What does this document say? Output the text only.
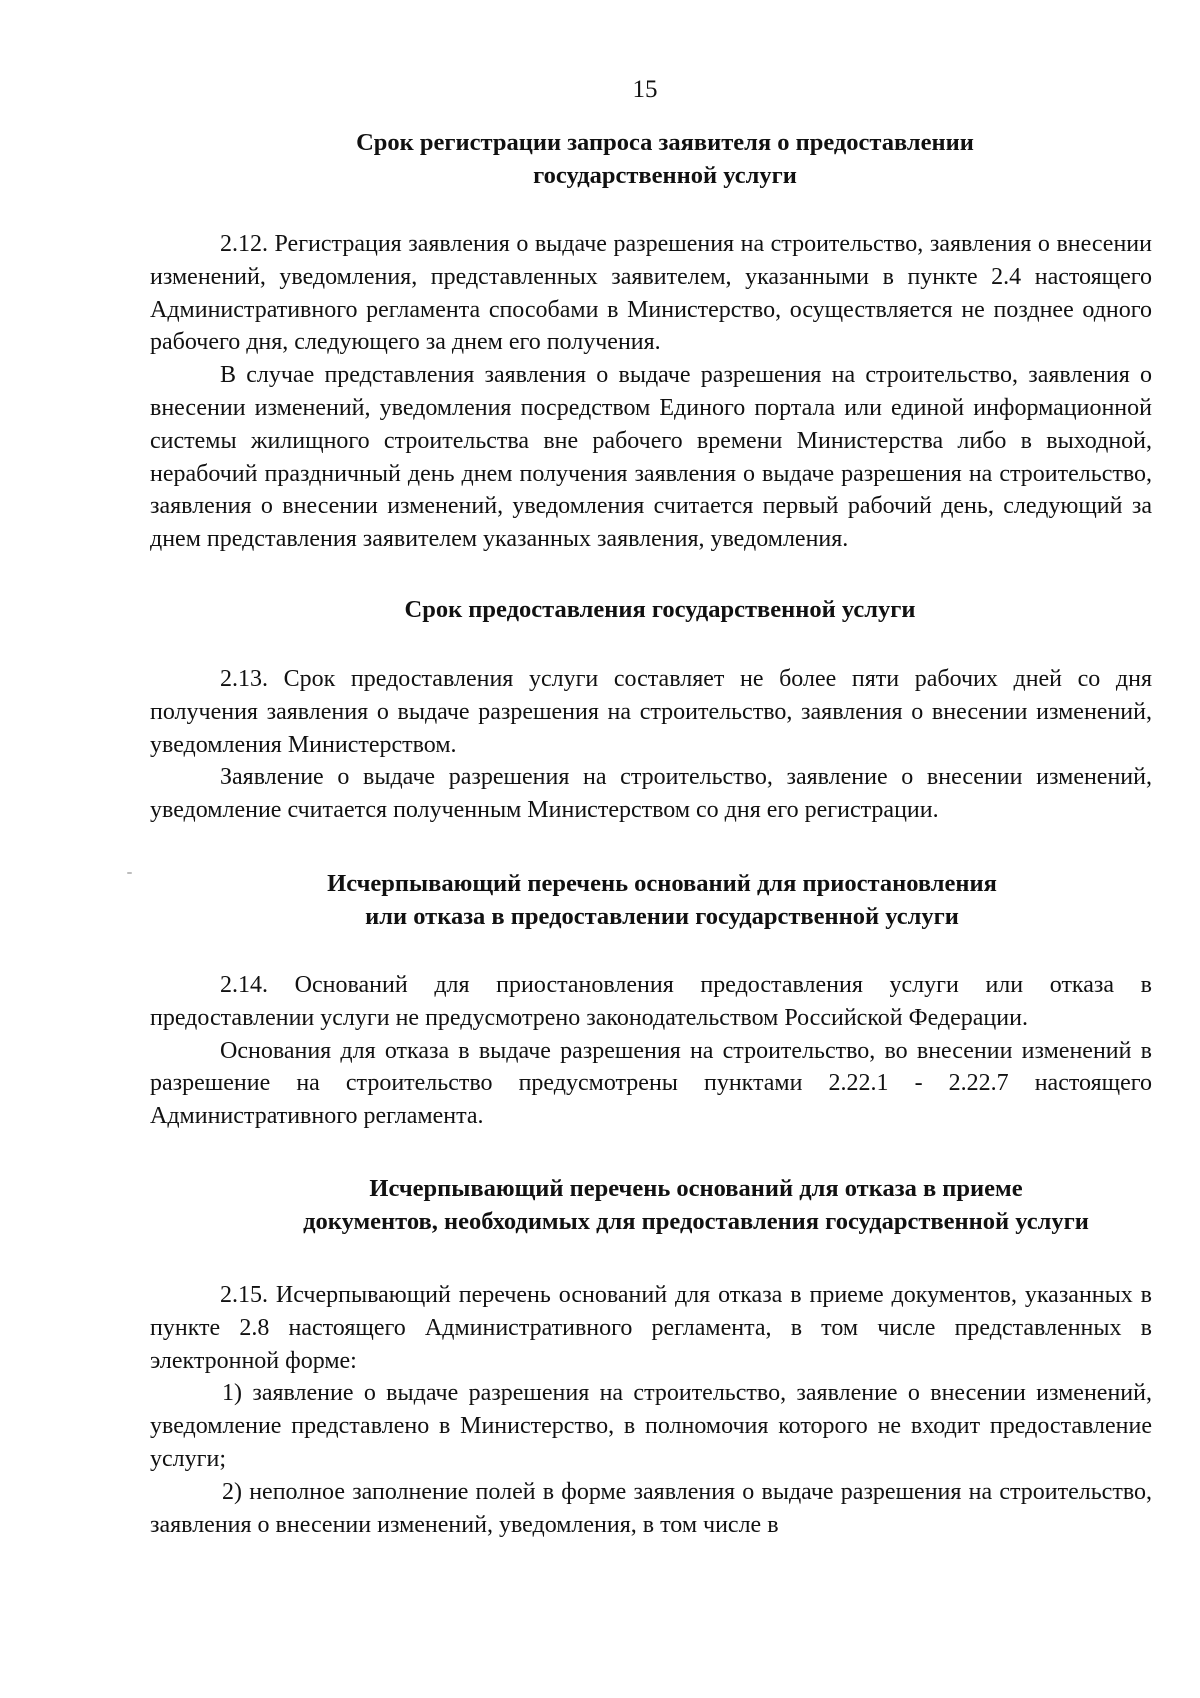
15
Срок регистрации запроса заявителя о предоставлении
государственной услуги

2.12. Регистрация заявления о выдаче разрешения на строительство, заявления о внесении изменений, уведомления, представленных заявителем, указанными в пункте 2.4 настоящего Административного регламента способами в Министерство, осуществляется не позднее одного рабочего дня, следующего за днем его получения.

В случае представления заявления о выдаче разрешения на строительство, заявления о внесении изменений, уведомления посредством Единого портала или единой информационной системы жилищного строительства вне рабочего времени Министерства либо в выходной, нерабочий праздничный день днем получения заявления о выдаче разрешения на строительство, заявления о внесении изменений, уведомления считается первый рабочий день, следующий за днем представления заявителем указанных заявления, уведомления.

Срок предоставления государственной услуги

2.13. Срок предоставления услуги составляет не более пяти рабочих дней со дня получения заявления о выдаче разрешения на строительство, заявления о внесении изменений, уведомления Министерством.

Заявление о выдаче разрешения на строительство, заявление о внесении изменений, уведомление считается полученным Министерством со дня его регистрации.

Исчерпывающий перечень оснований для приостановления
или отказа в предоставлении государственной услуги

2.14. Оснований для приостановления предоставления услуги или отказа в предоставлении услуги не предусмотрено законодательством Российской Федерации.

Основания для отказа в выдаче разрешения на строительство, во внесении изменений в разрешение на строительство предусмотрены пунктами 2.22.1 - 2.22.7 настоящего Административного регламента.

Исчерпывающий перечень оснований для отказа в приеме
документов, необходимых для предоставления государственной услуги

2.15. Исчерпывающий перечень оснований для отказа в приеме документов, указанных в пункте 2.8 настоящего Административного регламента, в том числе представленных в электронной форме:

1) заявление о выдаче разрешения на строительство, заявление о внесении изменений, уведомление представлено в Министерство, в полномочия которого не входит предоставление услуги;

2) неполное заполнение полей в форме заявления о выдаче разрешения на строительство, заявления о внесении изменений, уведомления, в том числе в
